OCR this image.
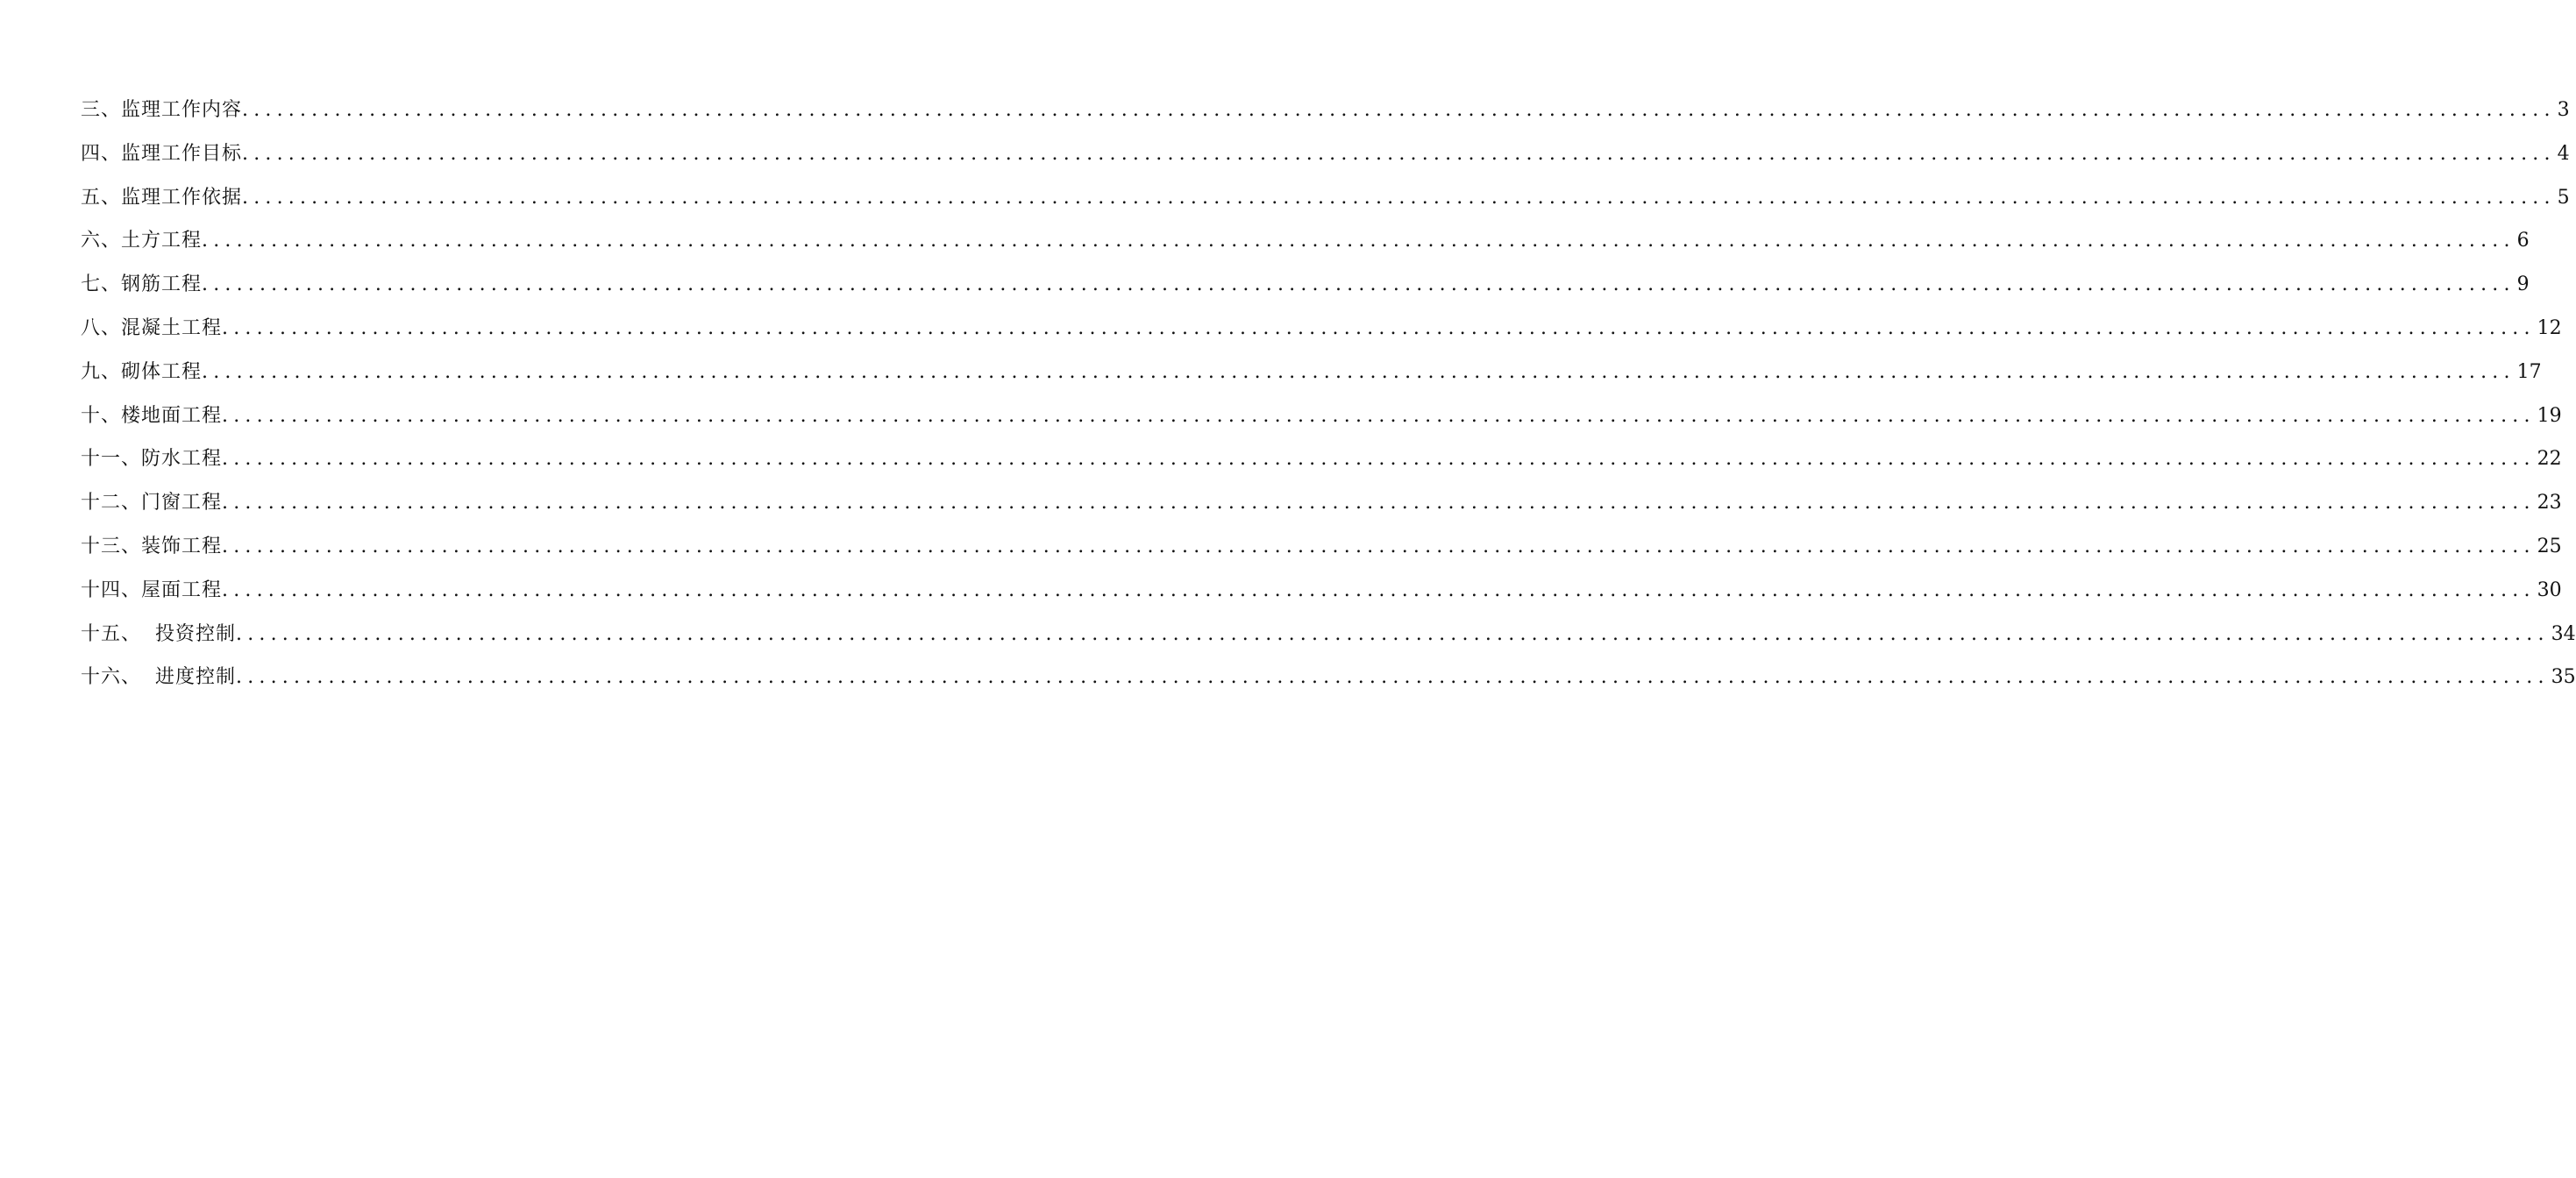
三、监理工作内容 ........................................................................................................................................................................................................ 3
四、监理工作目标 ........................................................................................................................................................................................................ 4
五、监理工作依据 ........................................................................................................................................................................................................ 5
六、土方工程 ........................................................................................................................................................................................................ 6
七、钢筋工程 ........................................................................................................................................................................................................ 9
八、混凝土工程 ........................................................................................................................................................................................................ 12
九、砌体工程 ........................................................................................................................................................................................................ 17
十、楼地面工程 ........................................................................................................................................................................................................ 19
十一、防水工程 ........................................................................................................................................................................................................ 22
十二、门窗工程 ........................................................................................................................................................................................................ 23
十三、装饰工程 ........................................................................................................................................................................................................ 25
十四、屋面工程 ........................................................................................................................................................................................................ 30
十五、  投资控制 ........................................................................................................................................................................................................ 34
十六、  进度控制 ........................................................................................................................................................................................................ 35
